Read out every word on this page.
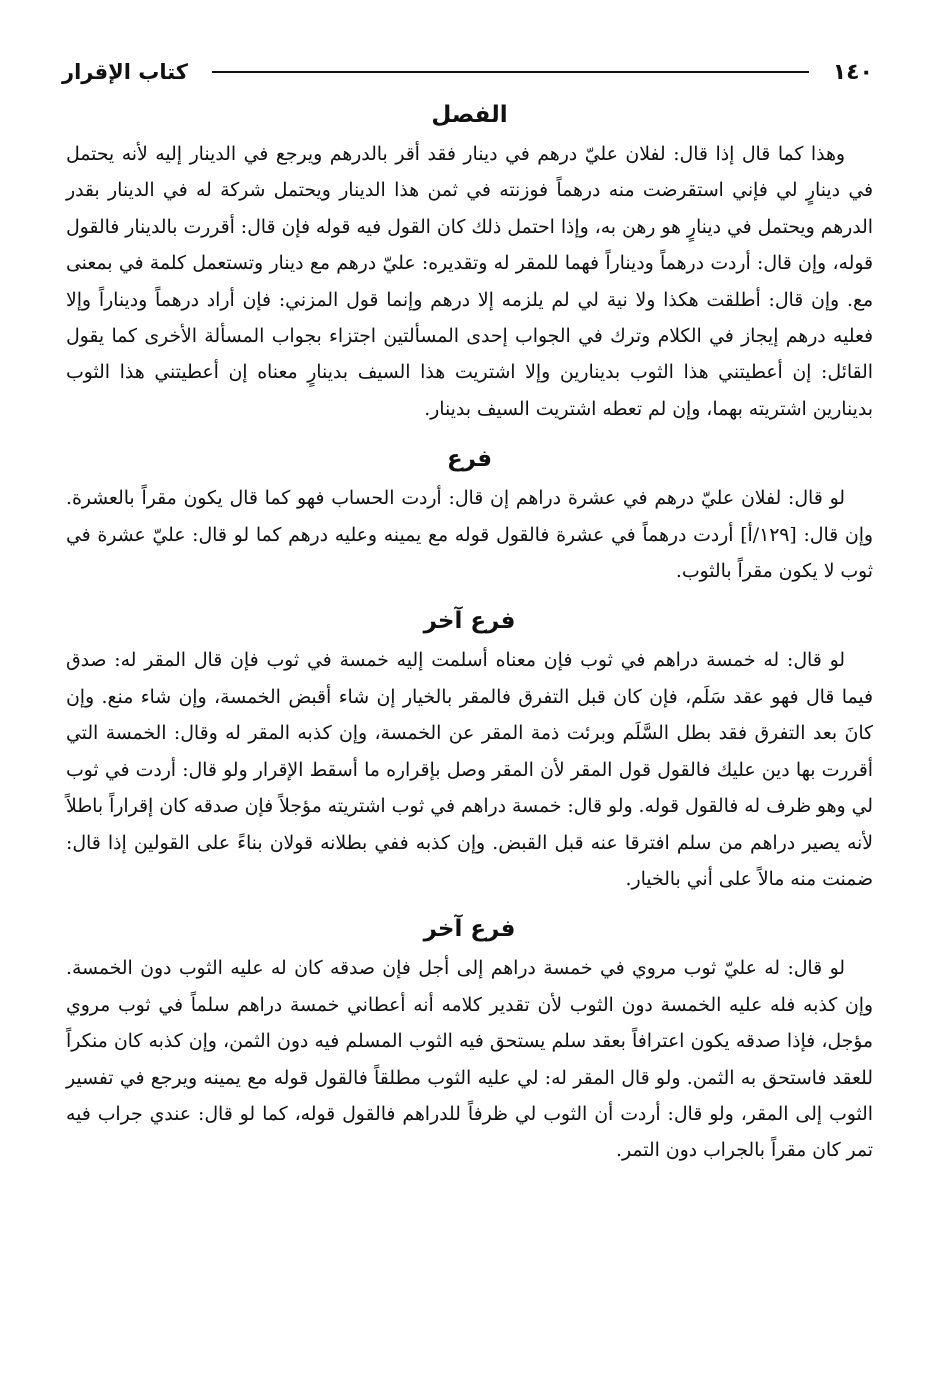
١٤٠
كتاب الإقرار
الفصل

وهذا كما قال إذا قال: لفلان عليّ درهم في دينار فقد أقر بالدرهم ويرجع في الدينار إليه لأنه يحتمل في دينارٍ لي فإني استقرضت منه درهماً فوزنته في ثمن هذا الدينار ويحتمل شركة له في الدينار بقدر الدرهم ويحتمل في دينارٍ هو رهن به، وإذا احتمل ذلك كان القول فيه قوله فإن قال: أقررت بالدينار فالقول قوله، وإن قال: أردت درهماً وديناراً فهما للمقر له وتقديره: عليّ درهم مع دينار وتستعمل كلمة في بمعنى مع. وإن قال: أطلقت هكذا ولا نية لي لم يلزمه إلا درهم وإنما قول المزني: فإن أراد درهماً وديناراً وإلا فعليه درهم إيجاز في الكلام وترك في الجواب إحدى المسألتين اجتزاء بجواب المسألة الأخرى كما يقول القائل: إن أعطيتني هذا الثوب بدينارين وإلا اشتريت هذا السيف بدينارٍ معناه إن أعطيتني هذا الثوب بدينارين اشتريته بهما، وإن لم تعطه اشتريت السيف بدينار.

فرع

لو قال: لفلان عليّ درهم في عشرة دراهم إن قال: أردت الحساب فهو كما قال يكون مقراً بالعشرة. وإن قال: [١٢٩/أ] أردت درهماً في عشرة فالقول قوله مع يمينه وعليه درهم كما لو قال: عليّ عشرة في ثوب لا يكون مقراً بالثوب.

فرع آخر

لو قال: له خمسة دراهم في ثوب فإن معناه أسلمت إليه خمسة في ثوب فإن قال المقر له: صدق فيما قال فهو عقد سَلَم، فإن كان قبل التفرق فالمقر بالخيار إن شاء أقبض الخمسة، وإن شاء منع. وإن كانَ بعد التفرق فقد بطل السَّلَم وبرئت ذمة المقر عن الخمسة، وإن كذبه المقر له وقال: الخمسة التي أقررت بها دين عليك فالقول قول المقر لأن المقر وصل بإقراره ما أسقط الإقرار ولو قال: أردت في ثوب لي وهو ظرف له فالقول قوله. ولو قال: خمسة دراهم في ثوب اشتريته مؤجلاً فإن صدقه كان إقراراً باطلاً لأنه يصير دراهم من سلم افترقا عنه قبل القبض. وإن كذبه ففي بطلانه قولان بناءً على القولين إذا قال: ضمنت منه مالاً على أني بالخيار.

فرع آخر

لو قال: له عليّ ثوب مروي في خمسة دراهم إلى أجل فإن صدقه كان له عليه الثوب دون الخمسة. وإن كذبه فله عليه الخمسة دون الثوب لأن تقدير كلامه أنه أعطاني خمسة دراهم سلماً في ثوب مروي مؤجل، فإذا صدقه يكون اعترافاً بعقد سلم يستحق فيه الثوب المسلم فيه دون الثمن، وإن كذبه كان منكراً للعقد فاستحق به الثمن. ولو قال المقر له: لي عليه الثوب مطلقاً فالقول قوله مع يمينه ويرجع في تفسير الثوب إلى المقر، ولو قال: أردت أن الثوب لي ظرفاً للدراهم فالقول قوله، كما لو قال: عندي جراب فيه تمر كان مقراً بالجراب دون التمر.
